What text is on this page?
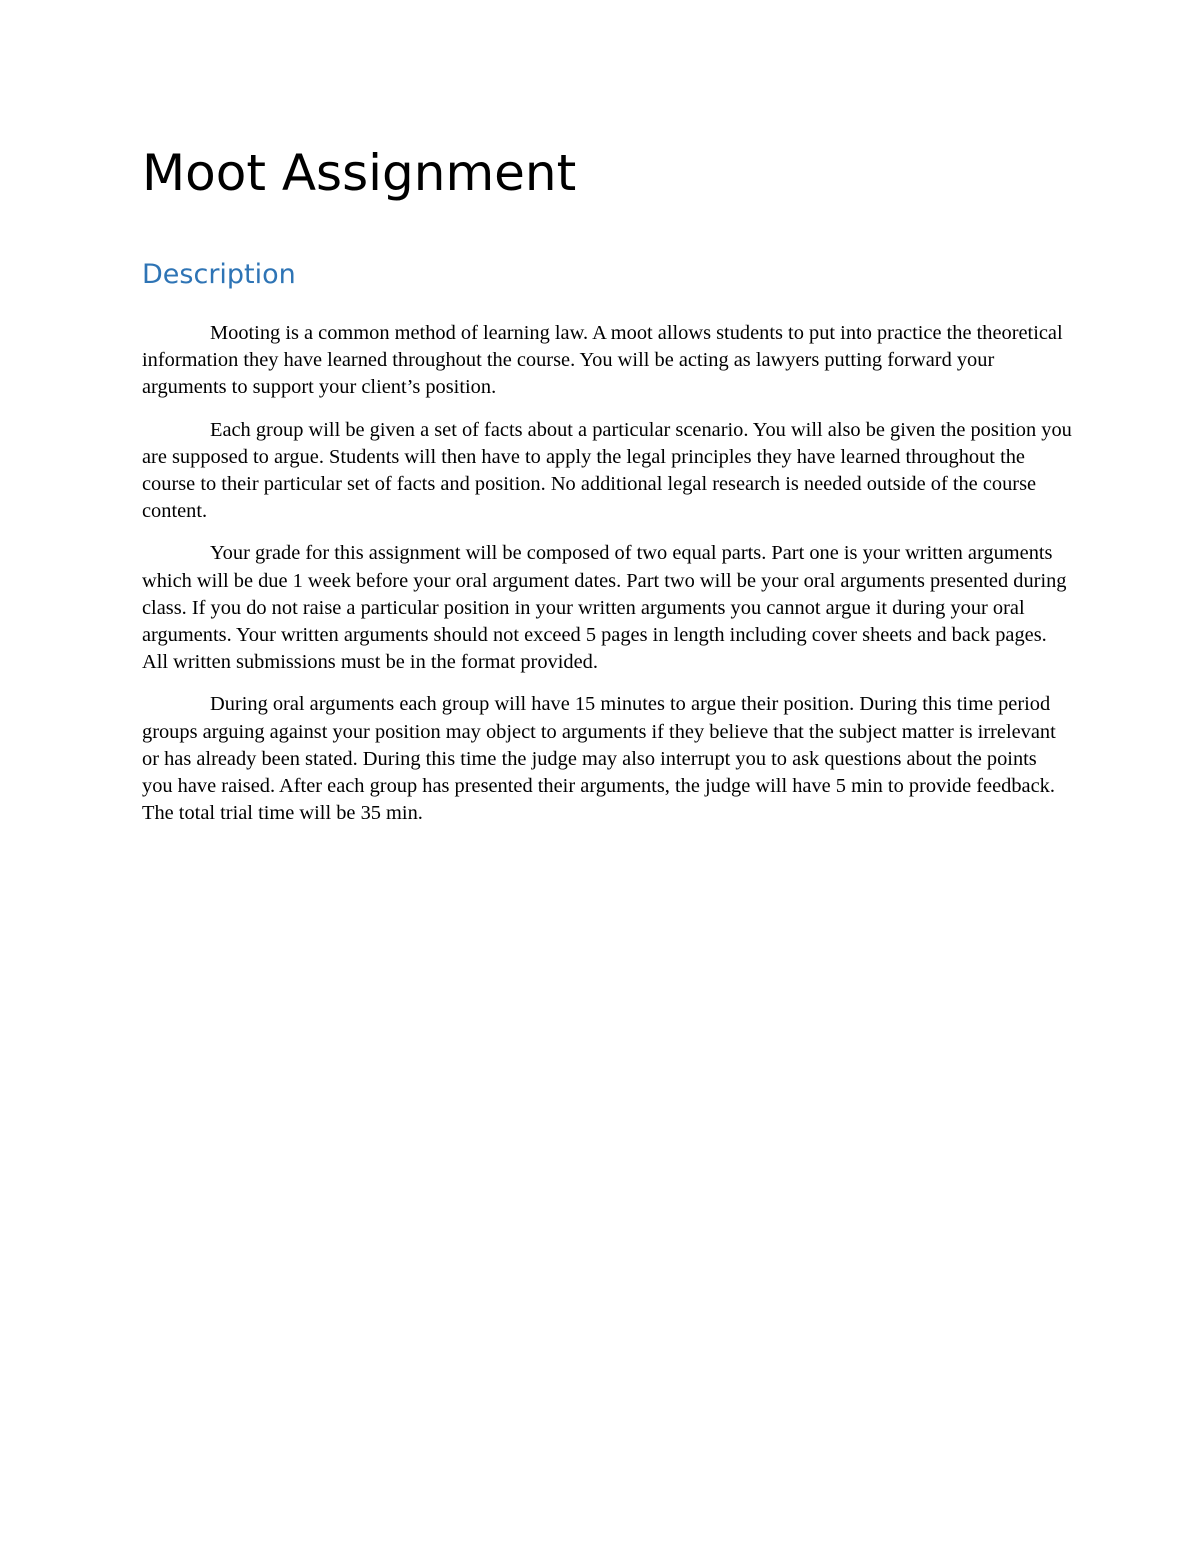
Moot Assignment
Description

Mooting is a common method of learning law. A moot allows students to put into practice the theoretical information they have learned throughout the course. You will be acting as lawyers putting forward your arguments to support your client’s position.

Each group will be given a set of facts about a particular scenario. You will also be given the position you are supposed to argue. Students will then have to apply the legal principles they have learned throughout the course to their particular set of facts and position. No additional legal research is needed outside of the course content.

Your grade for this assignment will be composed of two equal parts. Part one is your written arguments which will be due 1 week before your oral argument dates. Part two will be your oral arguments presented during class. If you do not raise a particular position in your written arguments you cannot argue it during your oral arguments. Your written arguments should not exceed 5 pages in length including cover sheets and back pages. All written submissions must be in the format provided.

During oral arguments each group will have 15 minutes to argue their position. During this time period groups arguing against your position may object to arguments if they believe that the subject matter is irrelevant or has already been stated. During this time the judge may also interrupt you to ask questions about the points you have raised. After each group has presented their arguments, the judge will have 5 min to provide feedback. The total trial time will be 35 min.
